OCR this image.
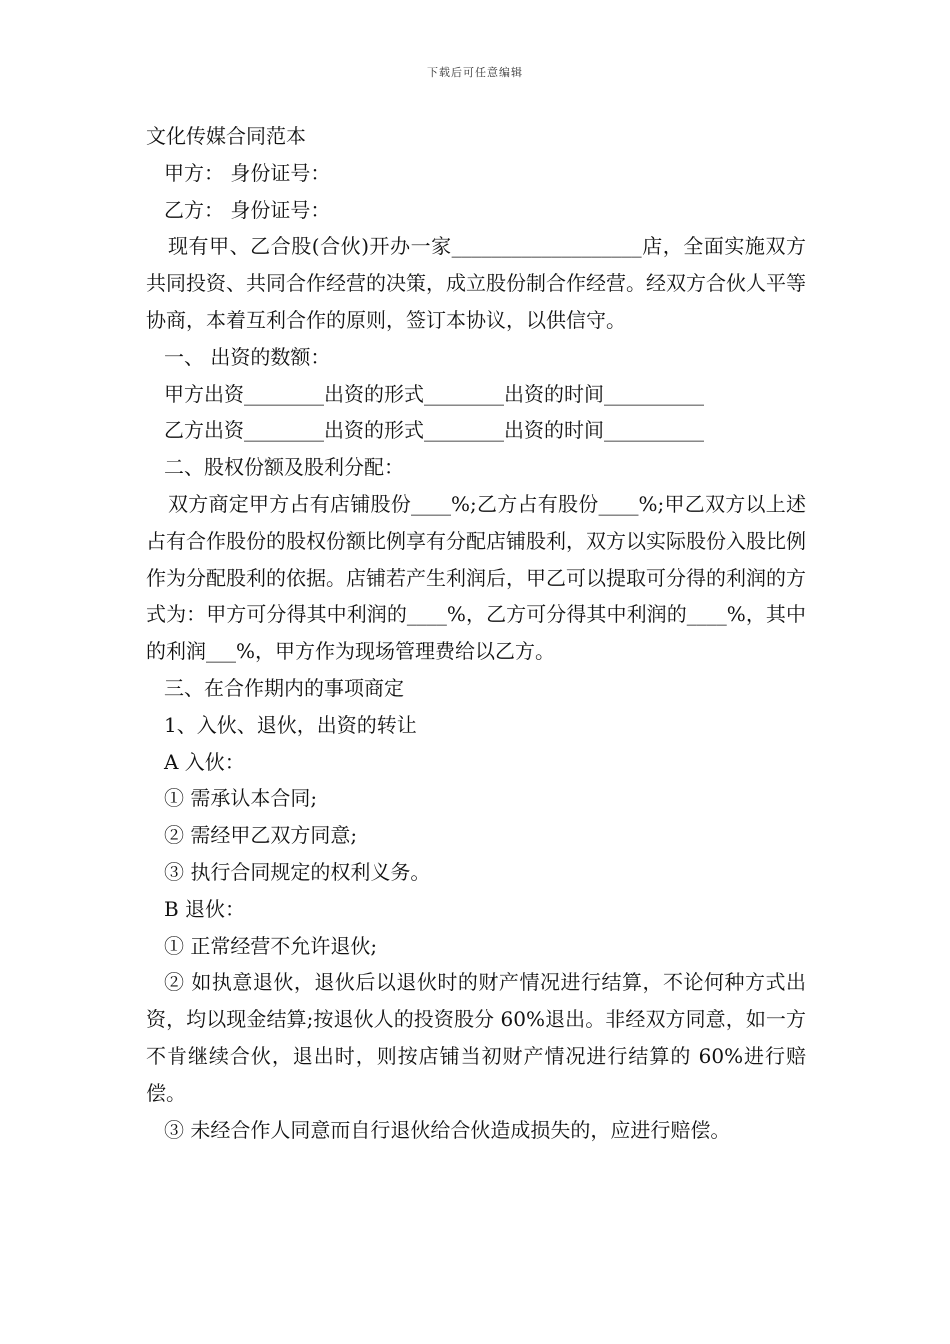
下载后可任意编辑

文化传媒合同范本

甲方： 身份证号：

乙方： 身份证号：

现有甲、乙合股(合伙)开办一家___________________店，全面实施双方共同投资、共同合作经营的决策，成立股份制合作经营。经双方合伙人平等协商，本着互利合作的原则，签订本协议，以供信守。

一、 出资的数额：

甲方出资________出资的形式________出资的时间__________

乙方出资________出资的形式________出资的时间__________

二、股权份额及股利分配：

双方商定甲方占有店铺股份____%;乙方占有股份____%;甲乙双方以上述占有合作股份的股权份额比例享有分配店铺股利，双方以实际股份入股比例作为分配股利的依据。店铺若产生利润后，甲乙可以提取可分得的利润的方式为：甲方可分得其中利润的____%，乙方可分得其中利润的____%，其中的利润___%，甲方作为现场管理费给以乙方。

三、在合作期内的事项商定

1、入伙、退伙，出资的转让

A 入伙：

① 需承认本合同;

② 需经甲乙双方同意;

③ 执行合同规定的权利义务。

B 退伙：

① 正常经营不允许退伙;

② 如执意退伙，退伙后以退伙时的财产情况进行结算，不论何种方式出资，均以现金结算;按退伙人的投资股分 60%退出。非经双方同意，如一方不肯继续合伙，退出时，则按店铺当初财产情况进行结算的 60%进行赔偿。

③ 未经合作人同意而自行退伙给合伙造成损失的，应进行赔偿。
